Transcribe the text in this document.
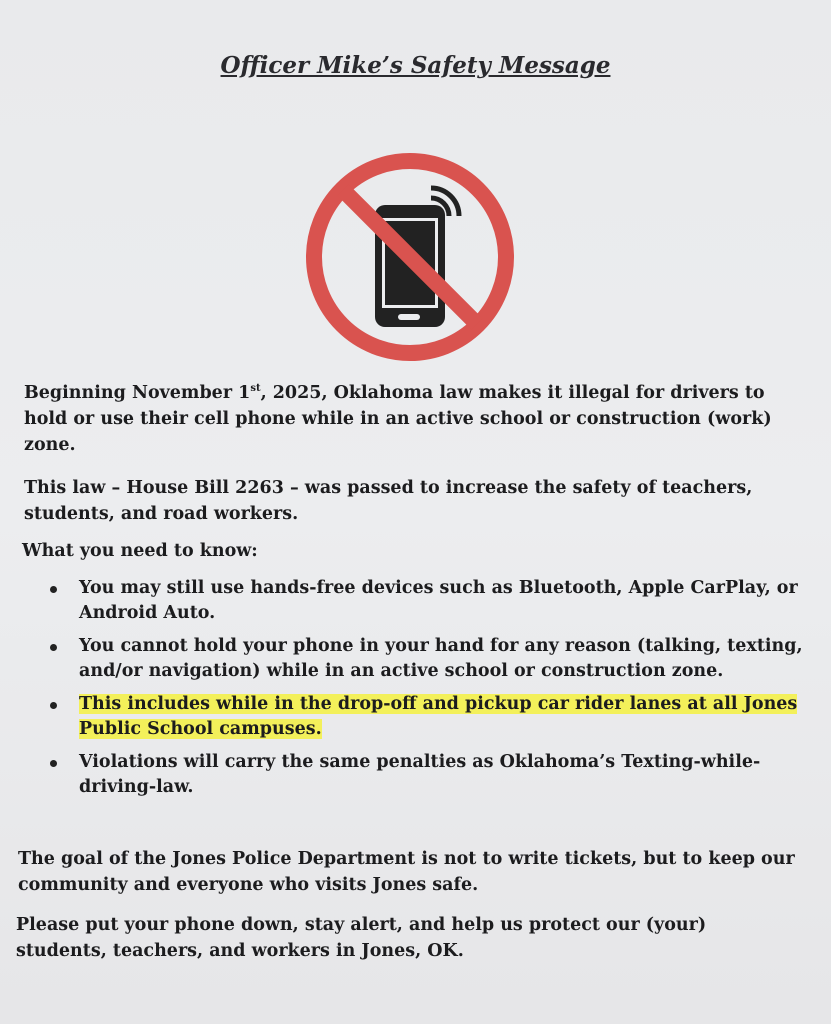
Officer Mike’s Safety Message
Beginning November 1st, 2025, Oklahoma law makes it illegal for drivers to hold or use their cell phone while in an active school or construction (work) zone.
This law – House Bill 2263 – was passed to increase the safety of teachers, students, and road workers.
What you need to know:
You may still use hands-free devices such as Bluetooth, Apple CarPlay, or Android Auto.
You cannot hold your phone in your hand for any reason (talking, texting, and/or navigation) while in an active school or construction zone.
This includes while in the drop-off and pickup car rider lanes at all Jones Public School campuses.
Violations will carry the same penalties as Oklahoma’s Texting-while-driving-law.
The goal of the Jones Police Department is not to write tickets, but to keep our community and everyone who visits Jones safe.
Please put your phone down, stay alert, and help us protect our (your) students, teachers, and workers in Jones, OK.
